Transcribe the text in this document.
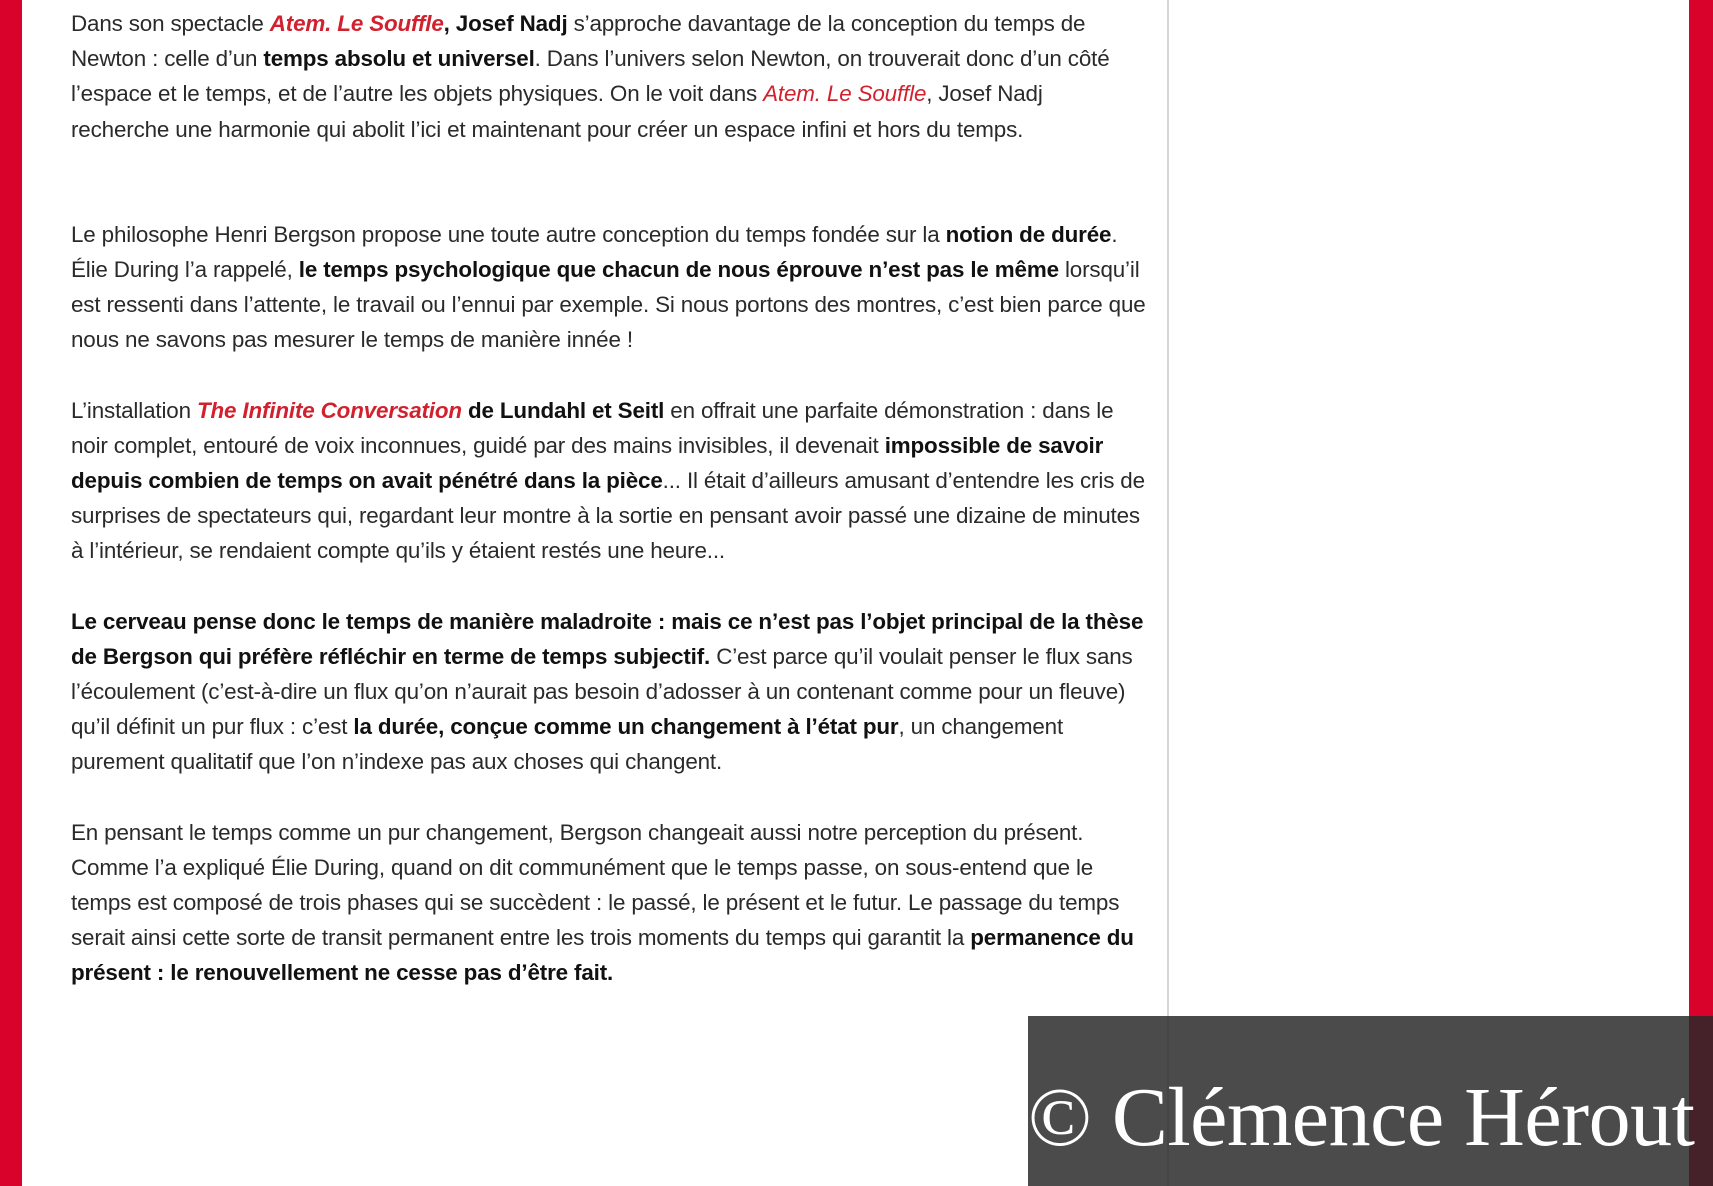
Dans son spectacle Atem. Le Souffle, Josef Nadj s’approche davantage de la conception du temps de Newton : celle d’un temps absolu et universel. Dans l’univers selon Newton, on trouverait donc d’un côté l’espace et le temps, et de l’autre les objets physiques. On le voit dans Atem. Le Souffle, Josef Nadj recherche une harmonie qui abolit l’ici et maintenant pour créer un espace infini et hors du temps.

Le philosophe Henri Bergson propose une toute autre conception du temps fondée sur la notion de durée. Élie During l’a rappelé, le temps psychologique que chacun de nous éprouve n’est pas le même lorsqu’il est ressenti dans l’attente, le travail ou l’ennui par exemple. Si nous portons des montres, c’est bien parce que nous ne savons pas mesurer le temps de manière innée !

L’installation The Infinite Conversation de Lundahl et Seitl en offrait une parfaite démonstration : dans le noir complet, entouré de voix inconnues, guidé par des mains invisibles, il devenait impossible de savoir depuis combien de temps on avait pénétré dans la pièce... Il était d’ailleurs amusant d’entendre les cris de surprises de spectateurs qui, regardant leur montre à la sortie en pensant avoir passé une dizaine de minutes à l’intérieur, se rendaient compte qu’ils y étaient restés une heure...

Le cerveau pense donc le temps de manière maladroite : mais ce n’est pas l’objet principal de la thèse de Bergson qui préfère réfléchir en terme de temps subjectif. C’est parce qu’il voulait penser le flux sans l’écoulement (c’est-à-dire un flux qu’on n’aurait pas besoin d’adosser à un contenant comme pour un fleuve) qu’il définit un pur flux : c’est la durée, conçue comme un changement à l’état pur, un changement purement qualitatif que l’on n’indexe pas aux choses qui changent.

En pensant le temps comme un pur changement, Bergson changeait aussi notre perception du présent. Comme l’a expliqué Élie During, quand on dit communément que le temps passe, on sous-entend que le temps est composé de trois phases qui se succèdent : le passé, le présent et le futur. Le passage du temps serait ainsi cette sorte de transit permanent entre les trois moments du temps qui garantit la permanence du présent : le renouvellement ne cesse pas d’être fait.

© Clémence Hérout
